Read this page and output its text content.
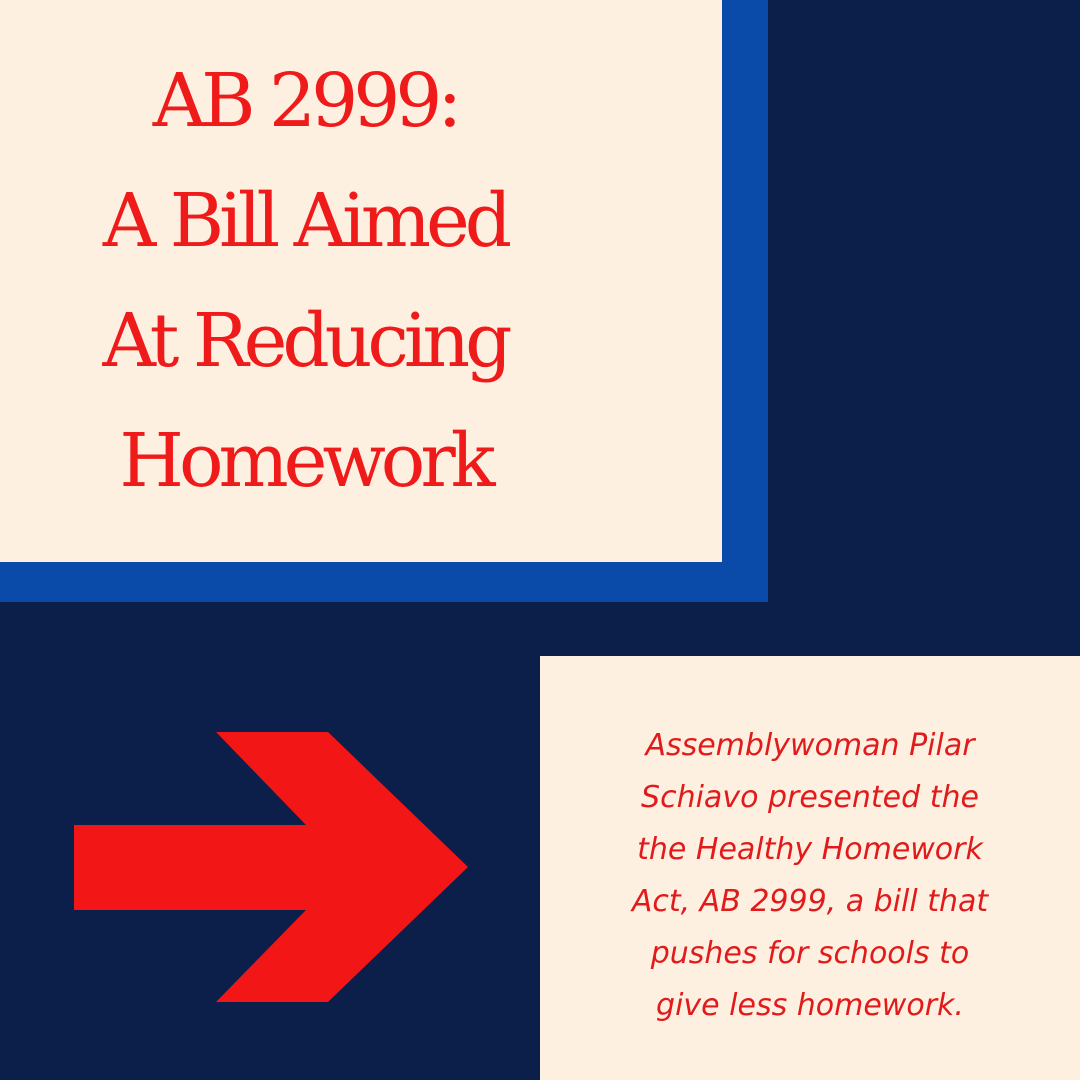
AB 2999:
A Bill Aimed
At Reducing
Homework
Assemblywoman Pilar
Schiavo presented the
the Healthy Homework
Act, AB 2999, a bill that
pushes for schools to
give less homework.
